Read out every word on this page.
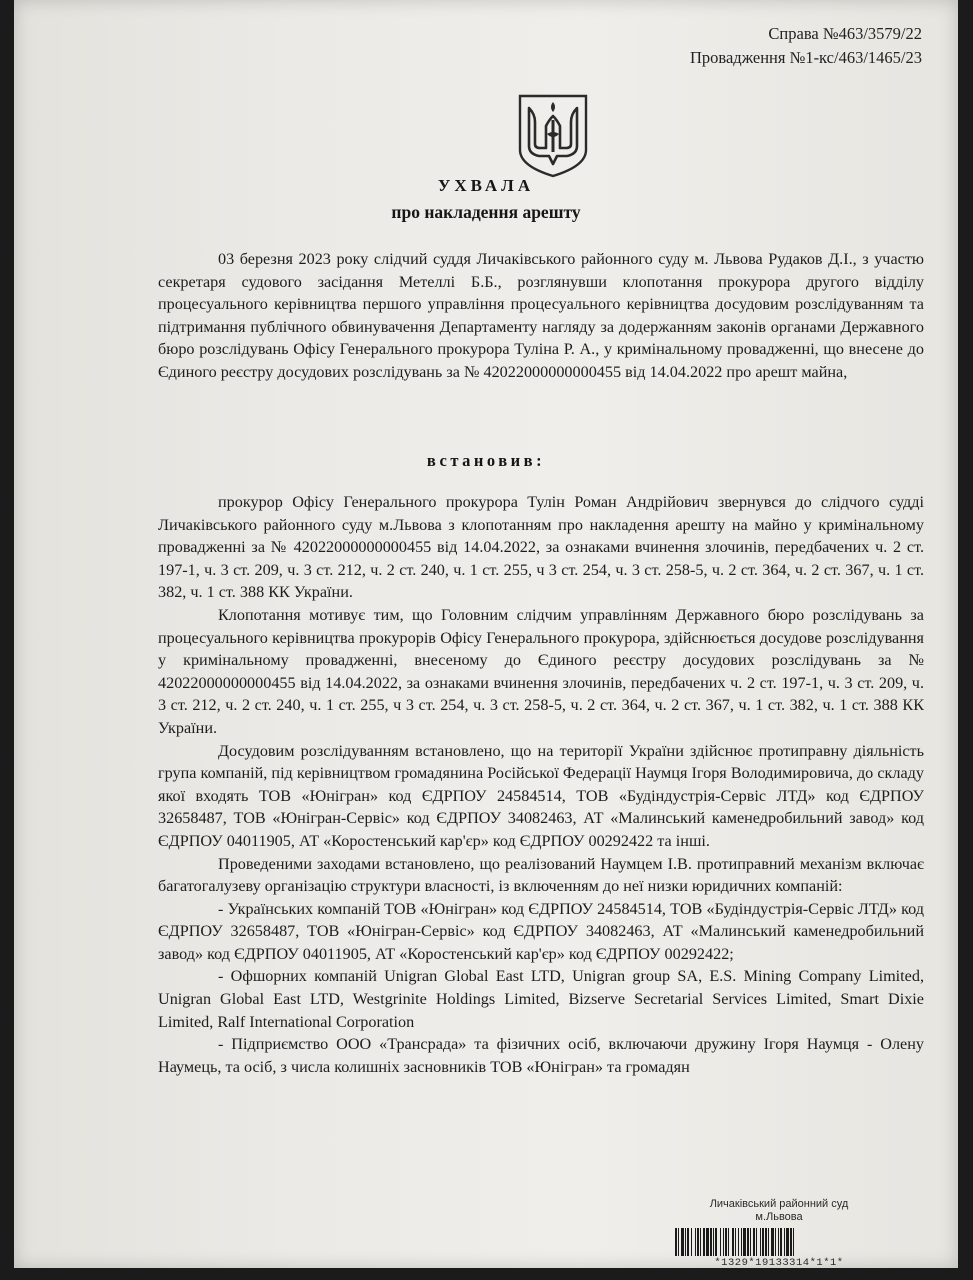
Справа №463/3579/22
Провадження №1-кс/463/1465/23
УХВАЛА
про накладення арешту

03 березня 2023 року слідчий суддя Личаківського районного суду м. Львова Рудаков Д.І., з участю секретаря судового засідання Метеллі Б.Б., розглянувши клопотання прокурора другого відділу процесуального керівництва першого управління процесуального керівництва досудовим розслідуванням та підтримання публічного обвинувачення Департаменту нагляду за додержанням законів органами Державного бюро розслідувань Офісу Генерального прокурора Туліна Р. А., у кримінальному провадженні, що внесене до Єдиного реєстру досудових розслідувань за № 42022000000000455 від 14.04.2022 про арешт майна,

встановив:

прокурор Офісу Генерального прокурора Тулін Роман Андрійович звернувся до слідчого судді Личаківського районного суду м.Львова з клопотанням про накладення арешту на майно у кримінальному провадженні за № 42022000000000455 від 14.04.2022, за ознаками вчинення злочинів, передбачених ч. 2 ст. 197-1, ч. 3 ст. 209, ч. 3 ст. 212, ч. 2 ст. 240, ч. 1 ст. 255, ч 3 ст. 254, ч. 3 ст. 258-5, ч. 2 ст. 364, ч. 2 ст. 367, ч. 1 ст. 382, ч. 1 ст. 388 КК України.

Клопотання мотивує тим, що Головним слідчим управлінням Державного бюро розслідувань за процесуального керівництва прокурорів Офісу Генерального прокурора, здійснюється досудове розслідування у кримінальному провадженні, внесеному до Єдиного реєстру досудових розслідувань за № 42022000000000455 від 14.04.2022, за ознаками вчинення злочинів, передбачених ч. 2 ст. 197-1, ч. 3 ст. 209, ч. 3 ст. 212, ч. 2 ст. 240, ч. 1 ст. 255, ч 3 ст. 254, ч. 3 ст. 258-5, ч. 2 ст. 364, ч. 2 ст. 367, ч. 1 ст. 382, ч. 1 ст. 388 КК України.

Досудовим розслідуванням встановлено, що на території України здійснює протиправну діяльність група компаній, під керівництвом громадянина Російської Федерації Наумця Ігоря Володимировича, до складу якої входять ТОВ «Юнігран» код ЄДРПОУ 24584514, ТОВ «Будіндустрія-Сервіс ЛТД» код ЄДРПОУ 32658487, ТОВ «Юнігран-Сервіс» код ЄДРПОУ 34082463, АТ «Малинський каменедробильний завод» код ЄДРПОУ 04011905, АТ «Коростенський кар'єр» код ЄДРПОУ 00292422 та інші.

Проведеними заходами встановлено, що реалізований Наумцем І.В. протиправний механізм включає багатогалузеву організацію структури власності, із включенням до неї низки юридичних компаній:

- Українських компаній ТОВ «Юнігран» код ЄДРПОУ 24584514, ТОВ «Будіндустрія-Сервіс ЛТД» код ЄДРПОУ 32658487, ТОВ «Юнігран-Сервіс» код ЄДРПОУ 34082463, АТ «Малинський каменедробильний завод» код ЄДРПОУ 04011905, АТ «Коростенський кар'єр» код ЄДРПОУ 00292422;

- Офшорних компаній Unigran Global East LTD, Unigran group SA, E.S. Mining Company Limited, Unigran Global East LTD, Westgrinite Holdings Limited, Bizserve Secretarial Services Limited, Smart Dixie Limited, Ralf International Corporation

- Підприємство ООО «Трансрада» та фізичних осіб, включаючи дружину Ігоря Наумця - Олену Наумець, та осіб, з числа колишніх засновників ТОВ «Юнігран» та громадян

Личаківський районний суд
м.Львова
*1329*19133314*1*1*
